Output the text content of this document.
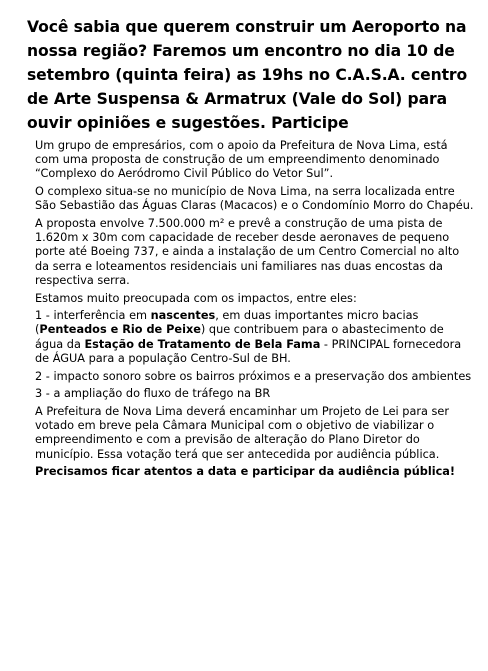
Você sabia que querem construir um Aeroporto na nossa região? Faremos um encontro no dia 10 de setembro (quinta feira) as 19hs no C.A.S.A. centro de Arte Suspensa & Armatrux (Vale do Sol) para ouvir opiniões e sugestões. Participe

Um grupo de empresários, com o apoio da Prefeitura de Nova Lima, está com uma proposta de construção de um empreendimento denominado “Complexo do Aeródromo Civil Público do Vetor Sul”.

O complexo situa-se no município de Nova Lima, na serra localizada entre São Sebastião das Águas Claras (Macacos) e o Condomínio Morro do Chapéu.

A proposta envolve 7.500.000 m² e prevê a construção de uma pista de 1.620m x 30m com capacidade de receber desde aeronaves de pequeno porte até Boeing 737, e ainda a instalação de um Centro Comercial no alto da serra e loteamentos residenciais uni familiares nas duas encostas da respectiva serra.

Estamos muito preocupada com os impactos, entre eles:

1 - interferência em nascentes, em duas importantes micro bacias (Penteados e Rio de Peixe) que contribuem para o abastecimento de água da Estação de Tratamento de Bela Fama - PRINCIPAL fornecedora de ÁGUA para a população Centro-Sul de BH.

2 - impacto sonoro sobre os bairros próximos e a preservação dos ambientes

3 - a ampliação do fluxo de tráfego na BR

A Prefeitura de Nova Lima deverá encaminhar um Projeto de Lei para ser votado em breve pela Câmara Municipal com o objetivo de viabilizar o empreendimento e com a previsão de alteração do Plano Diretor do município. Essa votação terá que ser antecedida por audiência pública.

Precisamos ficar atentos a data e participar da audiência pública!
